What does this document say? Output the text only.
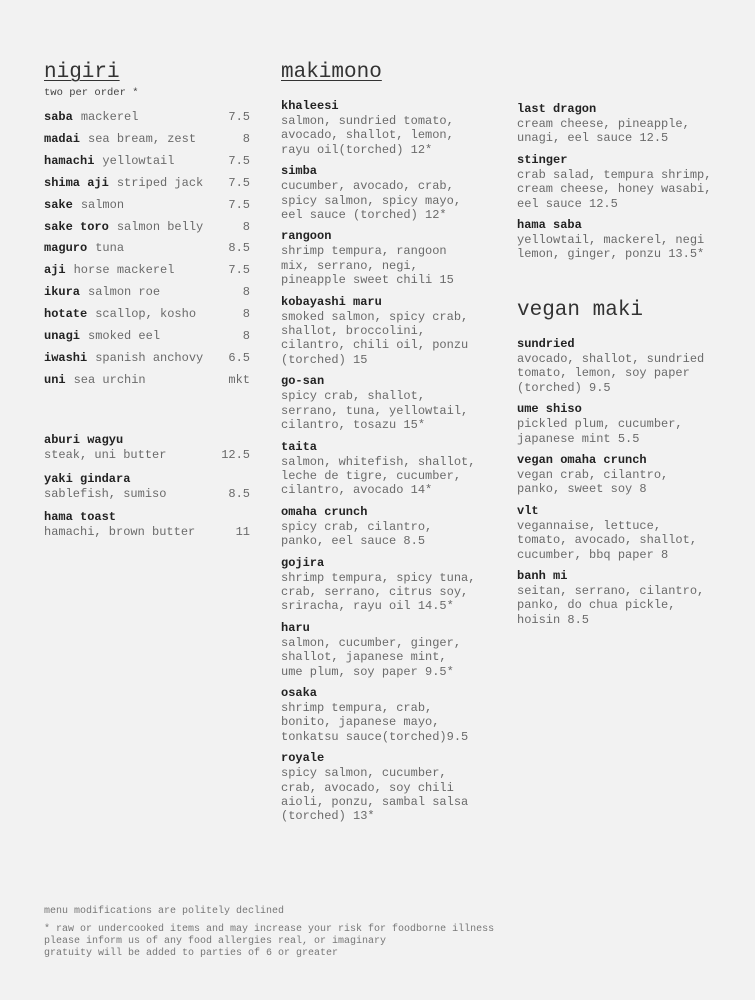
nigiri
two per order *
saba mackerel	7.5
madai sea bream, zest	8
hamachi yellowtail	7.5
shima aji striped jack	7.5
sake salmon	7.5
sake toro salmon belly	8
maguro tuna	8.5
aji horse mackerel	7.5
ikura salmon roe	8
hotate scallop, kosho	8
unagi smoked eel	8
iwashi spanish anchovy	6.5
uni sea urchin	mkt
aburi wagyu
steak, uni butter	12.5
yaki gindara
sablefish, sumiso	8.5
hama toast
hamachi, brown butter	11
makimono
khaleesi
salmon, sundried tomato,
avocado, shallot, lemon,
rayu oil(torched) 12*
simba
cucumber, avocado, crab,
spicy salmon, spicy mayo,
eel sauce (torched) 12*
rangoon
shrimp tempura, rangoon
mix, serrano, negi,
pineapple sweet chili 15
kobayashi maru
smoked salmon, spicy crab,
shallot, broccolini,
cilantro, chili oil, ponzu
(torched) 15
go-san
spicy crab, shallot,
serrano, tuna, yellowtail,
cilantro, tosazu 15*
taita
salmon, whitefish, shallot,
leche de tigre, cucumber,
cilantro, avocado 14*
omaha crunch
spicy crab, cilantro,
panko, eel sauce 8.5
gojira
shrimp tempura, spicy tuna,
crab, serrano, citrus soy,
sriracha, rayu oil 14.5*
haru
salmon, cucumber, ginger,
shallot, japanese mint,
ume plum, soy paper 9.5*
osaka
shrimp tempura, crab,
bonito, japanese mayo,
tonkatsu sauce(torched)9.5
royale
spicy salmon, cucumber,
crab, avocado, soy chili
aioli, ponzu, sambal salsa
(torched) 13*
last dragon
cream cheese, pineapple,
unagi, eel sauce 12.5
stinger
crab salad, tempura shrimp,
cream cheese, honey wasabi,
eel sauce 12.5
hama saba
yellowtail, mackerel, negi
lemon, ginger, ponzu 13.5*
vegan maki
sundried
avocado, shallot, sundried
tomato, lemon, soy paper
(torched) 9.5
ume shiso
pickled plum, cucumber,
japanese mint 5.5
vegan omaha crunch
vegan crab, cilantro,
panko, sweet soy 8
vlt
vegannaise, lettuce,
tomato, avocado, shallot,
cucumber, bbq paper 8
banh mi
seitan, serrano, cilantro,
panko, do chua pickle,
hoisin 8.5
menu modifications are politely declined
* raw or undercooked items and may increase your risk for foodborne illness
please inform us of any food allergies real, or imaginary
gratuity will be added to parties of 6 or greater
